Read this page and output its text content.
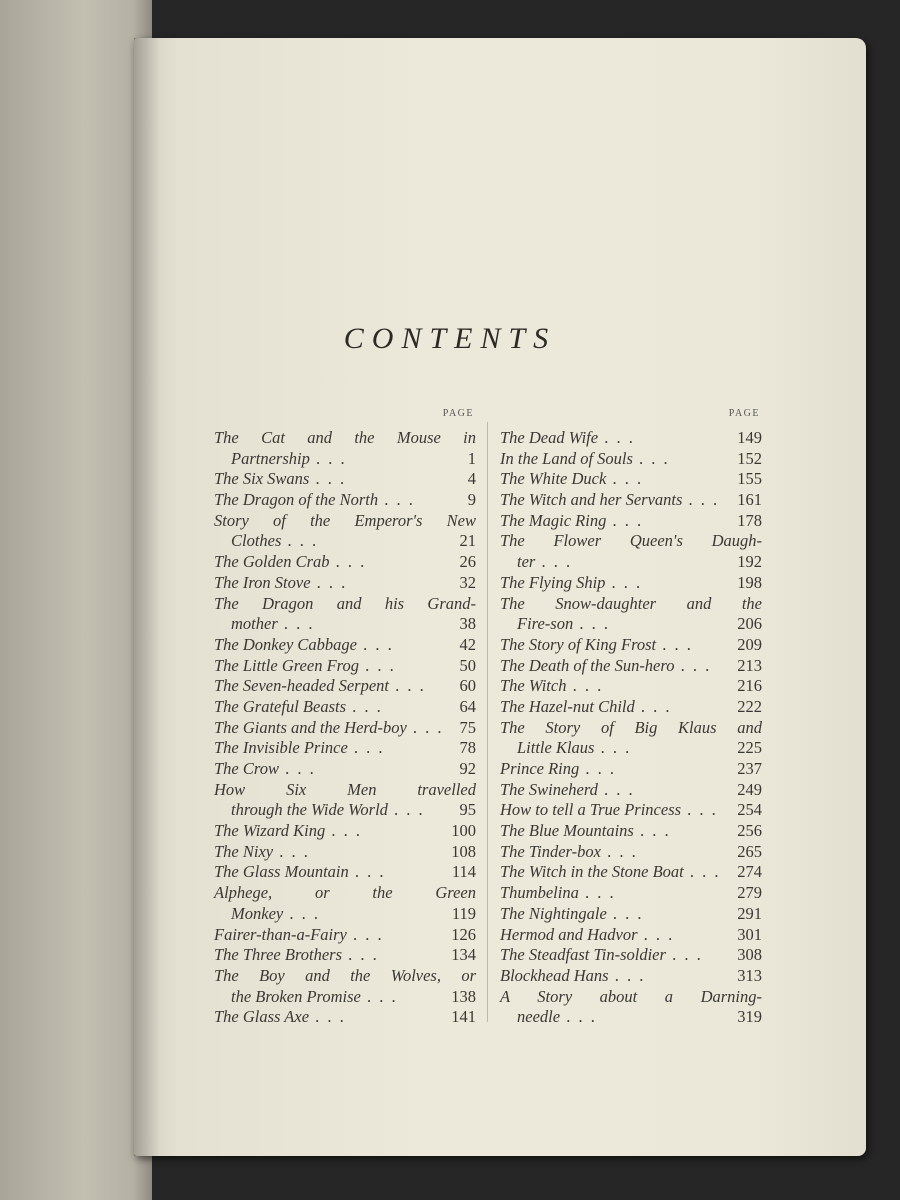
CONTENTS
PAGE
The Cat and the Mouse in
Partnership . . .	1
The Six Swans . . .	4
The Dragon of the North . . .	9
Story of the Emperor's New
Clothes . . .	21
The Golden Crab . . .	26
The Iron Stove . . .	32
The Dragon and his Grand-
mother . . .	38
The Donkey Cabbage . . .	42
The Little Green Frog . . .	50
The Seven-headed Serpent . . . 60
The Grateful Beasts . . .	64
The Giants and the Herd-boy . . . 75
The Invisible Prince . . .	78
The Crow . . .	92
How Six Men travelled
through the Wide World . . . 95
The Wizard King . . .	100
The Nixy . . .	108
The Glass Mountain . . .	114
Alphege, or the Green
Monkey . . .	119
Fairer-than-a-Fairy . . .	126
The Three Brothers . . .	134
The Boy and the Wolves, or
the Broken Promise . . .	138
The Glass Axe . . .	141
PAGE
The Dead Wife . . .	149
In the Land of Souls . . .	152
The White Duck . . .	155
The Witch and her Servants . . . 161
The Magic Ring . . .	178
The Flower Queen's Daugh-
ter . . .	192
The Flying Ship . . .	198
The Snow-daughter and the
Fire-son . . .	206
The Story of King Frost . . .	209
The Death of the Sun-hero . . . 213
The Witch . . .	216
The Hazel-nut Child . . .	222
The Story of Big Klaus and
Little Klaus . . .	225
Prince Ring . . .	237
The Swineherd . . .	249
How to tell a True Princess . . . 254
The Blue Mountains . . .	256
The Tinder-box . . .	265
The Witch in the Stone Boat . . . 274
Thumbelina . . .	279
The Nightingale . . .	291
Hermod and Hadvor . . .	301
The Steadfast Tin-soldier . . . 308
Blockhead Hans . . .	313
A Story about a Darning-
needle . . .	319
